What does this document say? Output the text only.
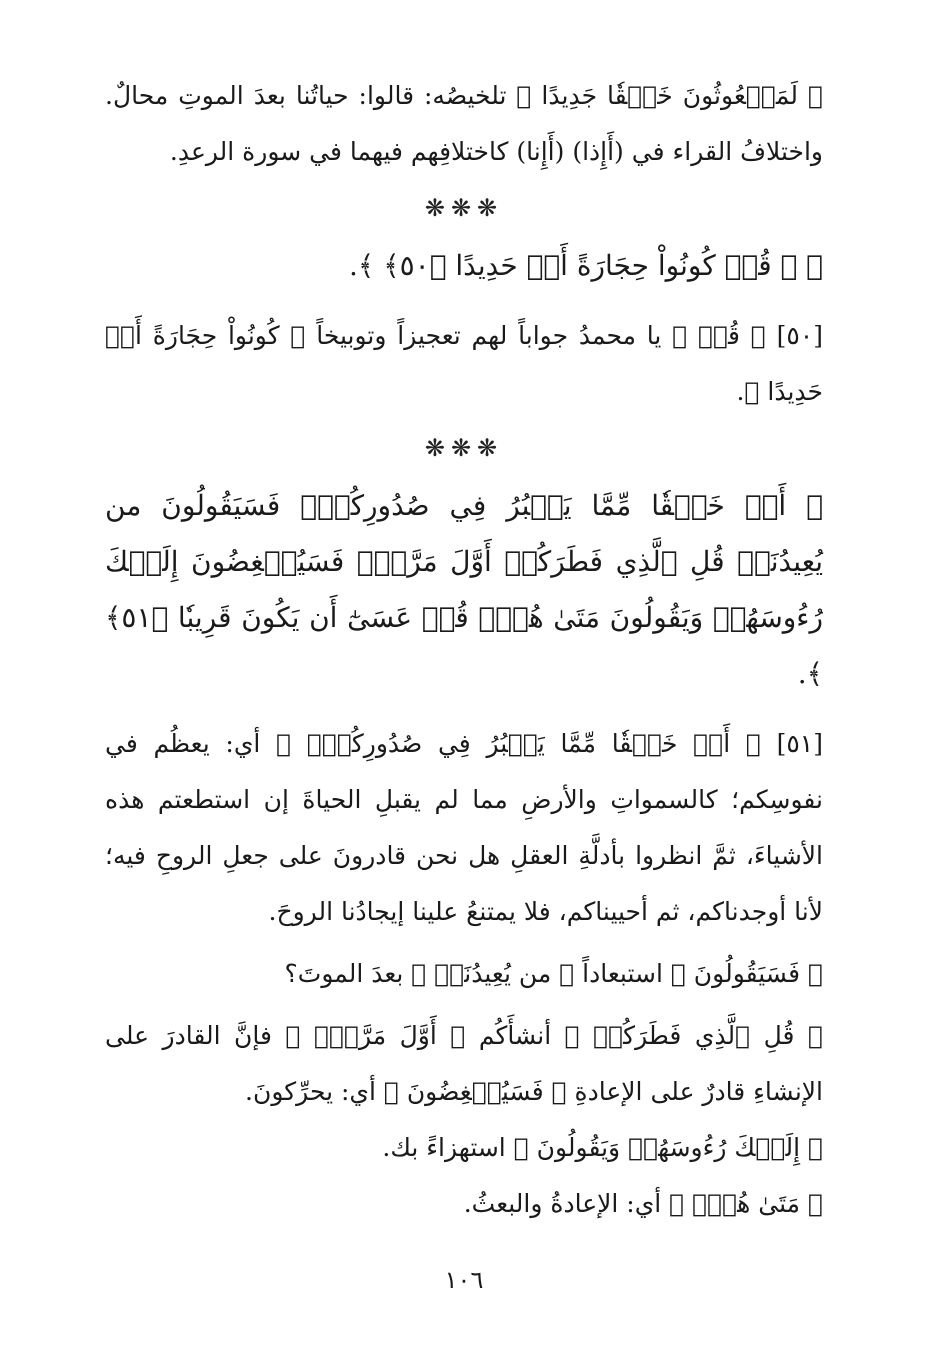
﴿ لَمَبۡعُوثُونَ خَلۡقٗا جَدِيدًا ﴾ تلخيصُه: قالوا: حياتُنا بعدَ الموتِ محالٌ. واختلافُ القراء في (أَإِذا) (أَإِنا) كاختلافِهم فيهما في سورة الرعدِ.

❋❋❋

﴿ ۞ قُلۡ كُونُواْ حِجَارَةً أَوۡ حَدِيدًا ﴿٥٠﴾ ﴾.

[٥٠] ﴿ قُلۡ ﴾ يا محمدُ جواباً لهم تعجيزاً وتوبيخاً ﴿ كُونُواْ حِجَارَةً أَوۡ حَدِيدًا ﴾.

❋❋❋

﴿ أَوۡ خَلۡقٗا مِّمَّا يَكۡبُرُ فِي صُدُورِكُمۡۚ فَسَيَقُولُونَ من يُعِيدُنَاۖ قُلِ ٱلَّذِي فَطَرَكُمۡ أَوَّلَ مَرَّةٖۚ فَسَيُنۡغِضُونَ إِلَيۡكَ رُءُوسَهُمۡ وَيَقُولُونَ مَتَىٰ هُوَۖ قُلۡ عَسَىٰٓ أَن يَكُونَ قَرِيبٗا ﴿٥١﴾ ﴾.

[٥١] ﴿ أَوۡ خَلۡقٗا مِّمَّا يَكۡبُرُ فِي صُدُورِكُمۡۚ ﴾ أي: يعظُم في نفوسِكم؛ كالسمواتِ والأرضِ مما لم يقبلِ الحياةَ إن استطعتم هذه الأشياءَ، ثمَّ انظروا بأدلَّةِ العقلِ هل نحن قادرونَ على جعلِ الروحِ فيه؛ لأنا أوجدناكم، ثم أحييناكم، فلا يمتنعُ علينا إيجادُنا الروحَ.

﴿ فَسَيَقُولُونَ ﴾ استبعاداً ﴿ من يُعِيدُنَاۖ ﴾ بعدَ الموتَ؟

﴿ قُلِ ٱلَّذِي فَطَرَكُمۡ ﴾ أنشأَكُم ﴿ أَوَّلَ مَرَّةٖۚ ﴾ فإنَّ القادرَ على الإنشاءِ قادرٌ على الإعادةِ ﴿ فَسَيُنۡغِضُونَ ﴾ أي: يحرِّكونَ.

﴿ إِلَيۡكَ رُءُوسَهُمۡ وَيَقُولُونَ ﴾ استهزاءً بك.

﴿ مَتَىٰ هُوَۖ ﴾ أي: الإعادةُ والبعثُ.

١٠٦
